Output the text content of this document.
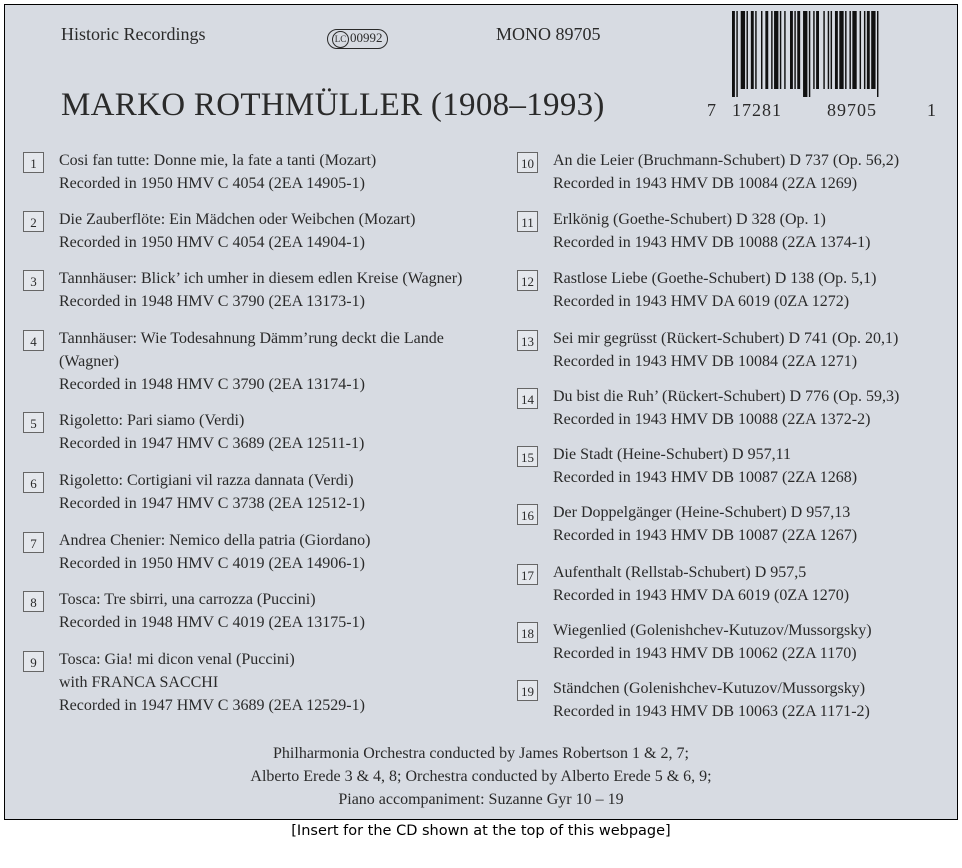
Historic Recordings	LC 00992	MONO 89705
MARKO ROTHMÜLLER (1908–1993)	7 17281	89705	1
1	Cosi fan tutte: Donne mie, la fate a tanti (Mozart)
Recorded in 1950 HMV C 4054 (2EA 14905-1)
2	Die Zauberflöte: Ein Mädchen oder Weibchen (Mozart)
Recorded in 1950 HMV C 4054 (2EA 14904-1)
3	Tannhäuser: Blick’ ich umher in diesem edlen Kreise (Wagner)
Recorded in 1948 HMV C 3790 (2EA 13173-1)
4	Tannhäuser: Wie Todesahnung Dämm’rung deckt die Lande
(Wagner)
Recorded in 1948 HMV C 3790 (2EA 13174-1)
5	Rigoletto: Pari siamo (Verdi)
Recorded in 1947 HMV C 3689 (2EA 12511-1)
6	Rigoletto: Cortigiani vil razza dannata (Verdi)
Recorded in 1947 HMV C 3738 (2EA 12512-1)
7	Andrea Chenier: Nemico della patria (Giordano)
Recorded in 1950 HMV C 4019 (2EA 14906-1)
8	Tosca: Tre sbirri, una carrozza (Puccini)
Recorded in 1948 HMV C 4019 (2EA 13175-1)
9	Tosca: Gia! mi dicon venal (Puccini)
with FRANCA SACCHI
Recorded in 1947 HMV C 3689 (2EA 12529-1)
10 An die Leier (Bruchmann-Schubert) D 737 (Op. 56,2)
Recorded in 1943 HMV DB 10084 (2ZA 1269)
11 Erlkönig (Goethe-Schubert) D 328 (Op. 1)
Recorded in 1943 HMV DB 10088 (2ZA 1374-1)
12 Rastlose Liebe (Goethe-Schubert) D 138 (Op. 5,1)
Recorded in 1943 HMV DA 6019 (0ZA 1272)
13 Sei mir gegrüsst (Rückert-Schubert) D 741 (Op. 20,1)
Recorded in 1943 HMV DB 10084 (2ZA 1271)
14 Du bist die Ruh’ (Rückert-Schubert) D 776 (Op. 59,3)
Recorded in 1943 HMV DB 10088 (2ZA 1372-2)
15 Die Stadt (Heine-Schubert) D 957,11
Recorded in 1943 HMV DB 10087 (2ZA 1268)
16 Der Doppelgänger (Heine-Schubert) D 957,13
Recorded in 1943 HMV DB 10087 (2ZA 1267)
17 Aufenthalt (Rellstab-Schubert) D 957,5
Recorded in 1943 HMV DA 6019 (0ZA 1270)
18 Wiegenlied (Golenishchev-Kutuzov/Mussorgsky)
Recorded in 1943 HMV DB 10062 (2ZA 1170)
19 Ständchen (Golenishchev-Kutuzov/Mussorgsky)
Recorded in 1943 HMV DB 10063 (2ZA 1171-2)
Philharmonia Orchestra conducted by James Robertson 1 & 2, 7;
Alberto Erede 3 & 4, 8; Orchestra conducted by Alberto Erede 5 & 6, 9;
Piano accompaniment: Suzanne Gyr 10 – 19
[Insert for the CD shown at the top of this webpage]
